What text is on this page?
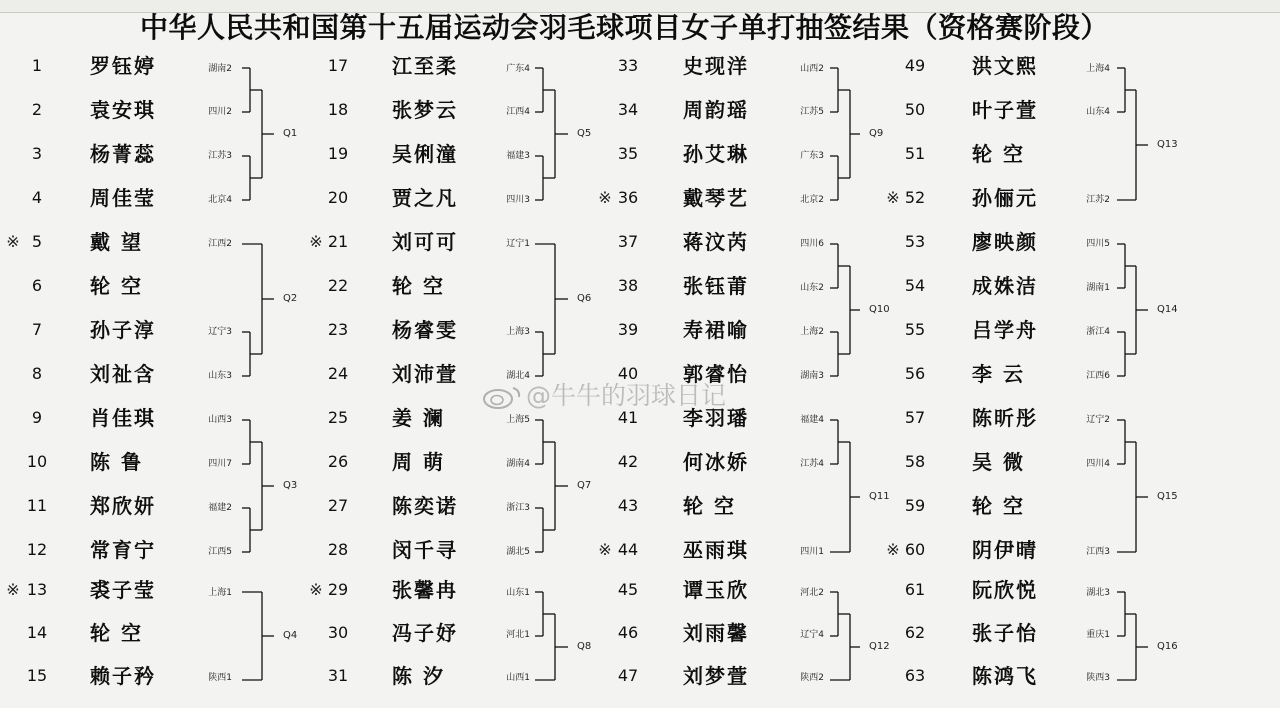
中华人民共和国第十五届运动会羽毛球项目女子单打抽签结果（资格赛阶段）
1	罗钰婷	湖南2
2	袁安琪	四川2
3	杨菁蕊	江苏3
4	周佳莹	北京4
Q1
※ 5	戴 望	江西2
6	轮 空
7	孙子淳	辽宁3
8	刘祉含	山东3
Q2
9	肖佳琪	山西3
10	陈 鲁	四川7
11	郑欣妍	福建2
12	常育宁	江西5
Q3
※ 13	裘子莹	上海1
14	轮 空
15	赖子矜	陕西1
Q4
17	江至柔	广东4
18	张梦云	江西4
19	吴俐潼	福建3
20	贾之凡	四川3
Q5
※ 21	刘可可	辽宁1
22	轮 空
23	杨睿雯	上海3
24	刘沛萱	湖北4
Q6
25	姜 澜	上海5
26	周 萌	湖南4
27	陈奕诺	浙江3
28	闵千寻	湖北5
Q7
※ 29	张馨冉	山东1
30	冯子妤	河北1
31	陈 汐	山西1
Q8
33	史现洋	山西2
34	周韵瑶	江苏5
35	孙艾琳	广东3
※ 36	戴琴艺	北京2
Q9
37	蒋汶芮	四川6
38	张钰莆	山东2
39	寿裙喻	上海2
40	郭睿怡	湖南3
Q10
41	李羽璠	福建4
42	何冰娇	江苏4
43	轮 空
※ 44	巫雨琪	四川1
Q11
45	谭玉欣	河北2
46	刘雨馨	辽宁4
47	刘梦萱	陕西2
Q12
49	洪文熙	上海4
50	叶子萱	山东4
51	轮 空
※ 52	孙俪元	江苏2
Q13
53	廖映颜	四川5
54	成姝洁	湖南1
55	吕学舟	浙江4
56	李 云	江西6
Q14
57	陈昕彤	辽宁2
58	吴 微	四川4
59	轮 空
※ 60	阴伊晴	江西3
Q15
61	阮欣悦	湖北3
62	张子怡	重庆1
63	陈鸿飞	陕西3
Q16
@牛牛的羽球日记
